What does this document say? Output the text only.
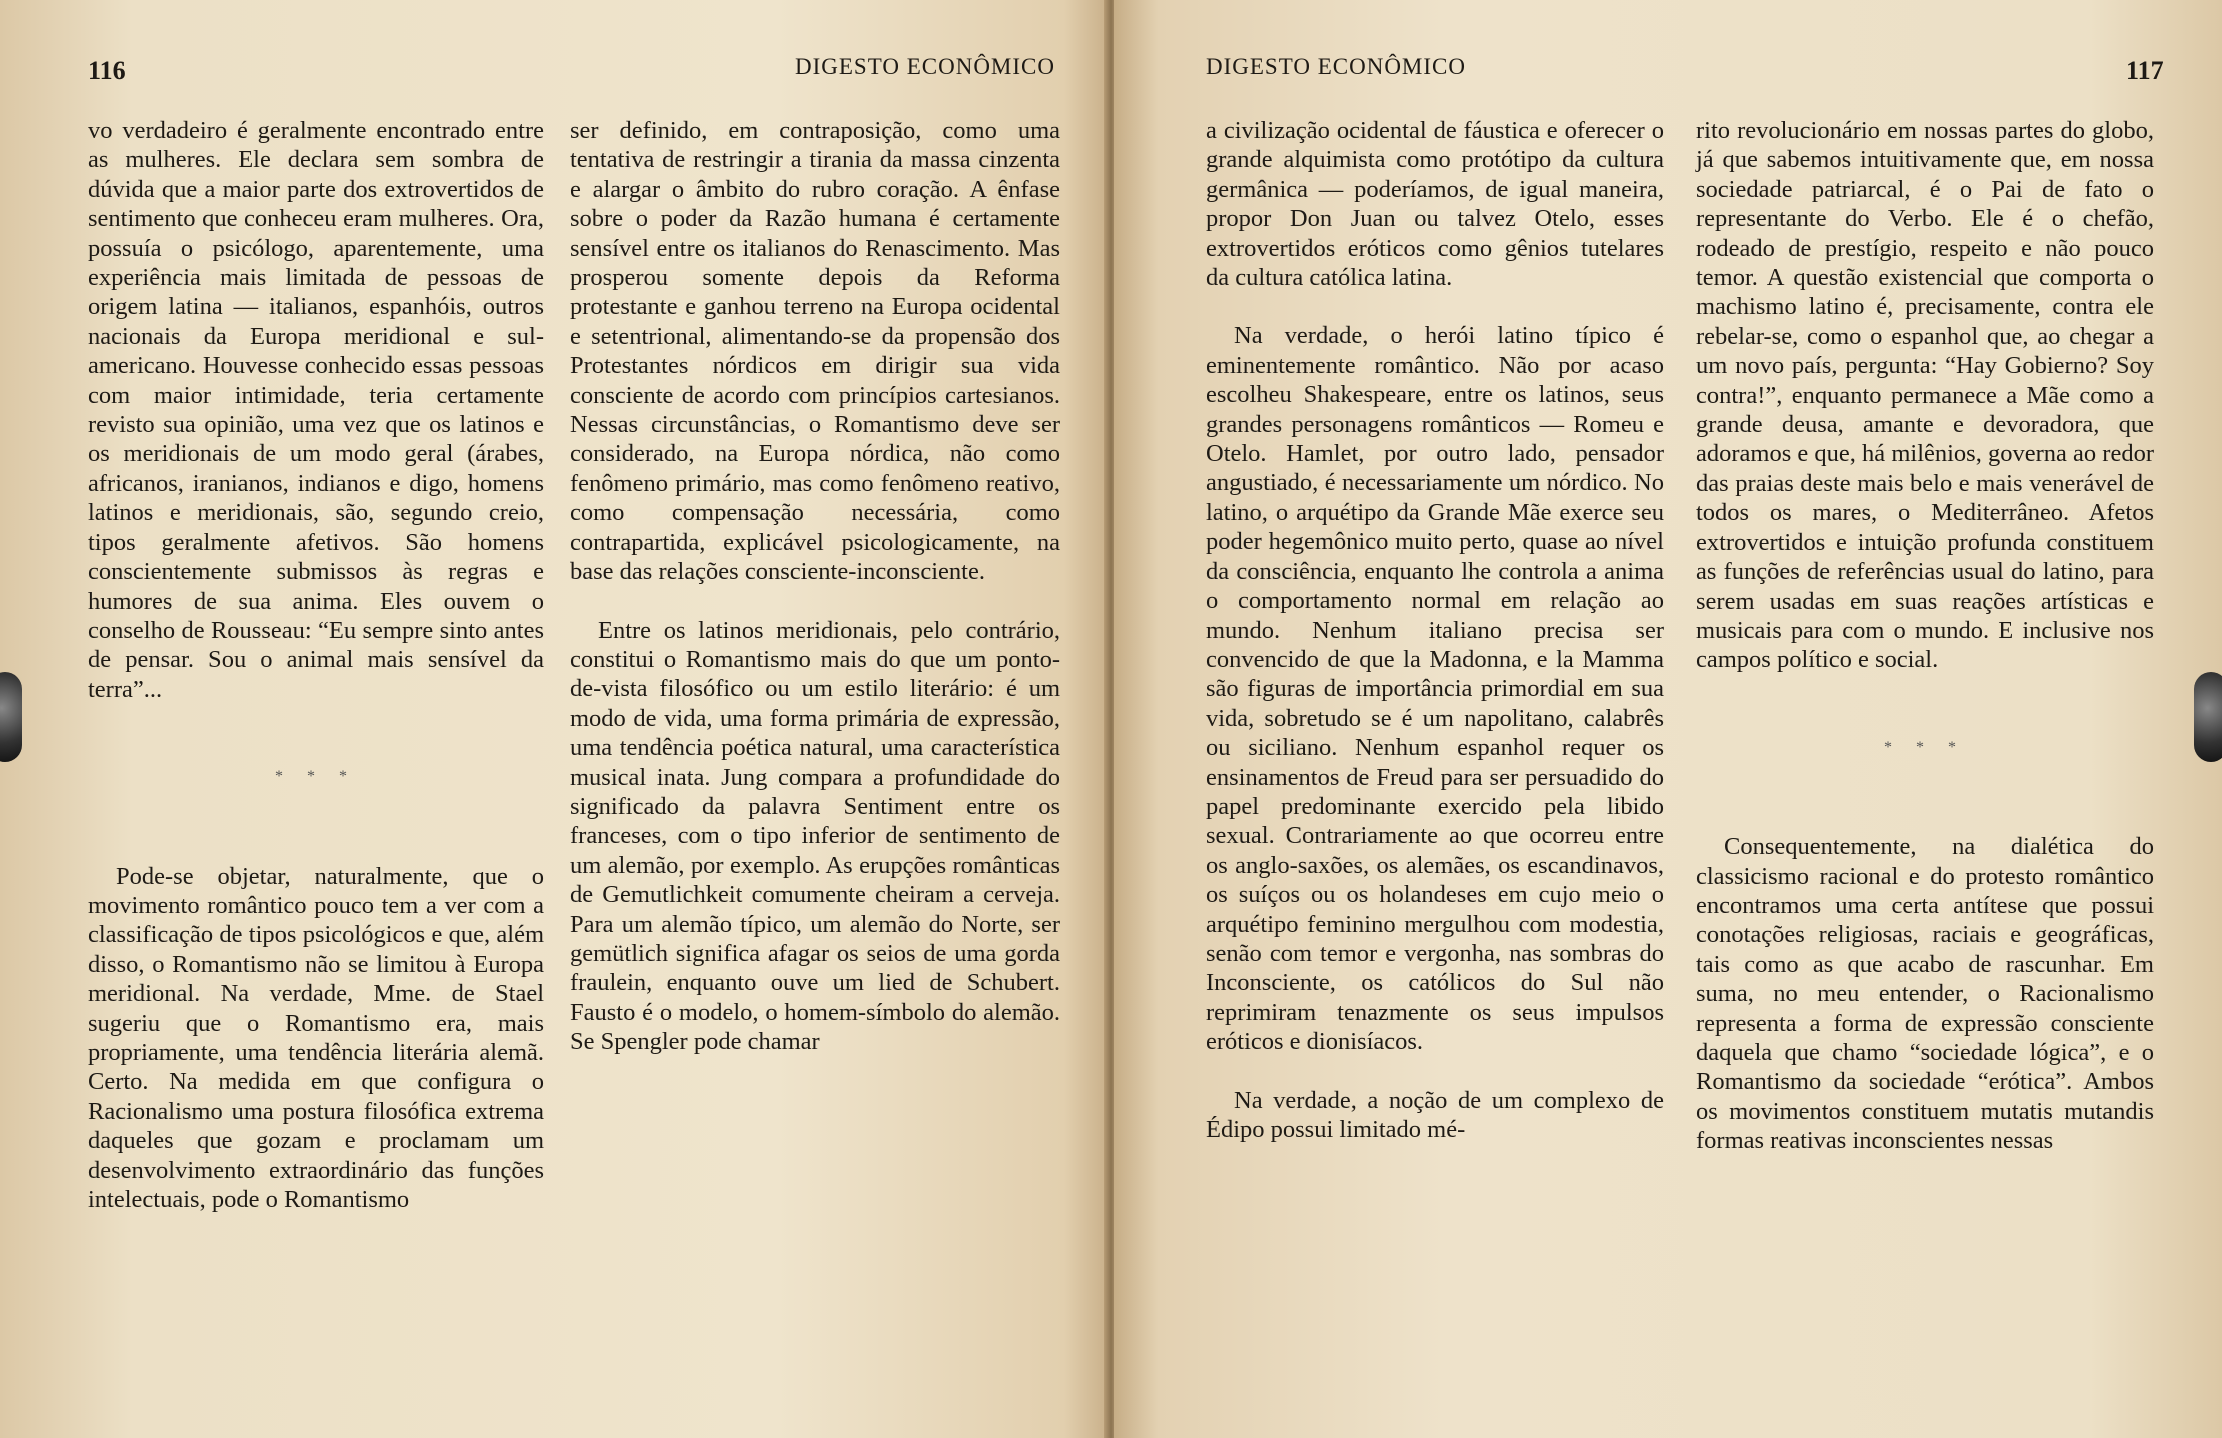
116	DIGESTO ECONÔMICO

vo verdadeiro é geralmente encontrado entre as mulheres. Ele declara sem sombra de dúvida que a maior parte dos extrovertidos de sentimento que conheceu eram mulheres. Ora, possuía o psicólogo, aparentemente, uma experiência mais limitada de pessoas de origem latina — italianos, espanhóis, outros nacionais da Europa meridional e sul-americano. Houvesse conhecido essas pessoas com maior intimidade, teria certamente revisto sua opinião, uma vez que os latinos e os meridionais de um modo geral (árabes, africanos, iranianos, indianos e digo, homens latinos e meridionais, são, segundo creio, tipos geralmente afetivos. São homens conscientemente submissos às regras e humores de sua anima. Eles ouvem o conselho de Rousseau: “Eu sempre sinto antes de pensar. Sou o animal mais sensível da terra”...

* * *

Pode-se objetar, naturalmente, que o movimento romântico pouco tem a ver com a classificação de tipos psicológicos e que, além disso, o Romantismo não se limitou à Europa meridional. Na verdade, Mme. de Stael sugeriu que o Romantismo era, mais propriamente, uma tendência literária alemã. Certo. Na medida em que configura o Racionalismo uma postura filosófica extrema daqueles que gozam e proclamam um desenvolvimento extraordinário das funções intelectuais, pode o Romantismo

ser definido, em contraposição, como uma tentativa de restringir a tirania da massa cinzenta e alargar o âmbito do rubro coração. A ênfase sobre o poder da Razão humana é certamente sensível entre os italianos do Renascimento. Mas prosperou somente depois da Reforma protestante e ganhou terreno na Europa ocidental e setentrional, alimentando-se da propensão dos Protestantes nórdicos em dirigir sua vida consciente de acordo com princípios cartesianos. Nessas circunstâncias, o Romantismo deve ser considerado, na Europa nórdica, não como fenômeno primário, mas como fenômeno reativo, como compensação necessária, como contrapartida, explicável psicologicamente, na base das relações consciente-inconsciente.

Entre os latinos meridionais, pelo contrário, constitui o Romantismo mais do que um ponto-de-vista filosófico ou um estilo literário: é um modo de vida, uma forma primária de expressão, uma tendência poética natural, uma característica musical inata. Jung compara a profundidade do significado da palavra Sentiment entre os franceses, com o tipo inferior de sentimento de um alemão, por exemplo. As erupções românticas de Gemutlichkeit comumente cheiram a cerveja. Para um alemão típico, um alemão do Norte, ser gemütlich significa afagar os seios de uma gorda fraulein, enquanto ouve um lied de Schubert. Fausto é o modelo, o homem-símbolo do alemão. Se Spengler pode chamar

DIGESTO ECONÔMICO	117

a civilização ocidental de fáustica e oferecer o grande alquimista como protótipo da cultura germânica — poderíamos, de igual maneira, propor Don Juan ou talvez Otelo, esses extrovertidos eróticos como gênios tutelares da cultura católica latina.

Na verdade, o herói latino típico é eminentemente romântico. Não por acaso escolheu Shakespeare, entre os latinos, seus grandes personagens românticos — Romeu e Otelo. Hamlet, por outro lado, pensador angustiado, é necessariamente um nórdico. No latino, o arquétipo da Grande Mãe exerce seu poder hegemônico muito perto, quase ao nível da consciência, enquanto lhe controla a anima o comportamento normal em relação ao mundo. Nenhum italiano precisa ser convencido de que la Madonna, e la Mamma são figuras de importância primordial em sua vida, sobretudo se é um napolitano, calabrês ou siciliano. Nenhum espanhol requer os ensinamentos de Freud para ser persuadido do papel predominante exercido pela libido sexual. Contrariamente ao que ocorreu entre os anglo-saxões, os alemães, os escandinavos, os suíços ou os holandeses em cujo meio o arquétipo feminino mergulhou com modestia, senão com temor e vergonha, nas sombras do Inconsciente, os católicos do Sul não reprimiram tenazmente os seus impulsos eróticos e dionisíacos.

Na verdade, a noção de um complexo de Édipo possui limitado mé-

rito revolucionário em nossas partes do globo, já que sabemos intuitivamente que, em nossa sociedade patriarcal, é o Pai de fato o representante do Verbo. Ele é o chefão, rodeado de prestígio, respeito e não pouco temor. A questão existencial que comporta o machismo latino é, precisamente, contra ele rebelar-se, como o espanhol que, ao chegar a um novo país, pergunta: “Hay Gobierno? Soy contra!”, enquanto permanece a Mãe como a grande deusa, amante e devoradora, que adoramos e que, há milênios, governa ao redor das praias deste mais belo e mais venerável de todos os mares, o Mediterrâneo. Afetos extrovertidos e intuição profunda constituem as funções de referências usual do latino, para serem usadas em suas reações artísticas e musicais para com o mundo. E inclusive nos campos político e social.

* * *

Consequentemente, na dialética do classicismo racional e do protesto romântico encontramos uma certa antítese que possui conotações religiosas, raciais e geográficas, tais como as que acabo de rascunhar. Em suma, no meu entender, o Racionalismo representa a forma de expressão consciente daquela que chamo “sociedade lógica”, e o Romantismo da sociedade “erótica”. Ambos os movimentos constituem mutatis mutandis formas reativas inconscientes nessas
